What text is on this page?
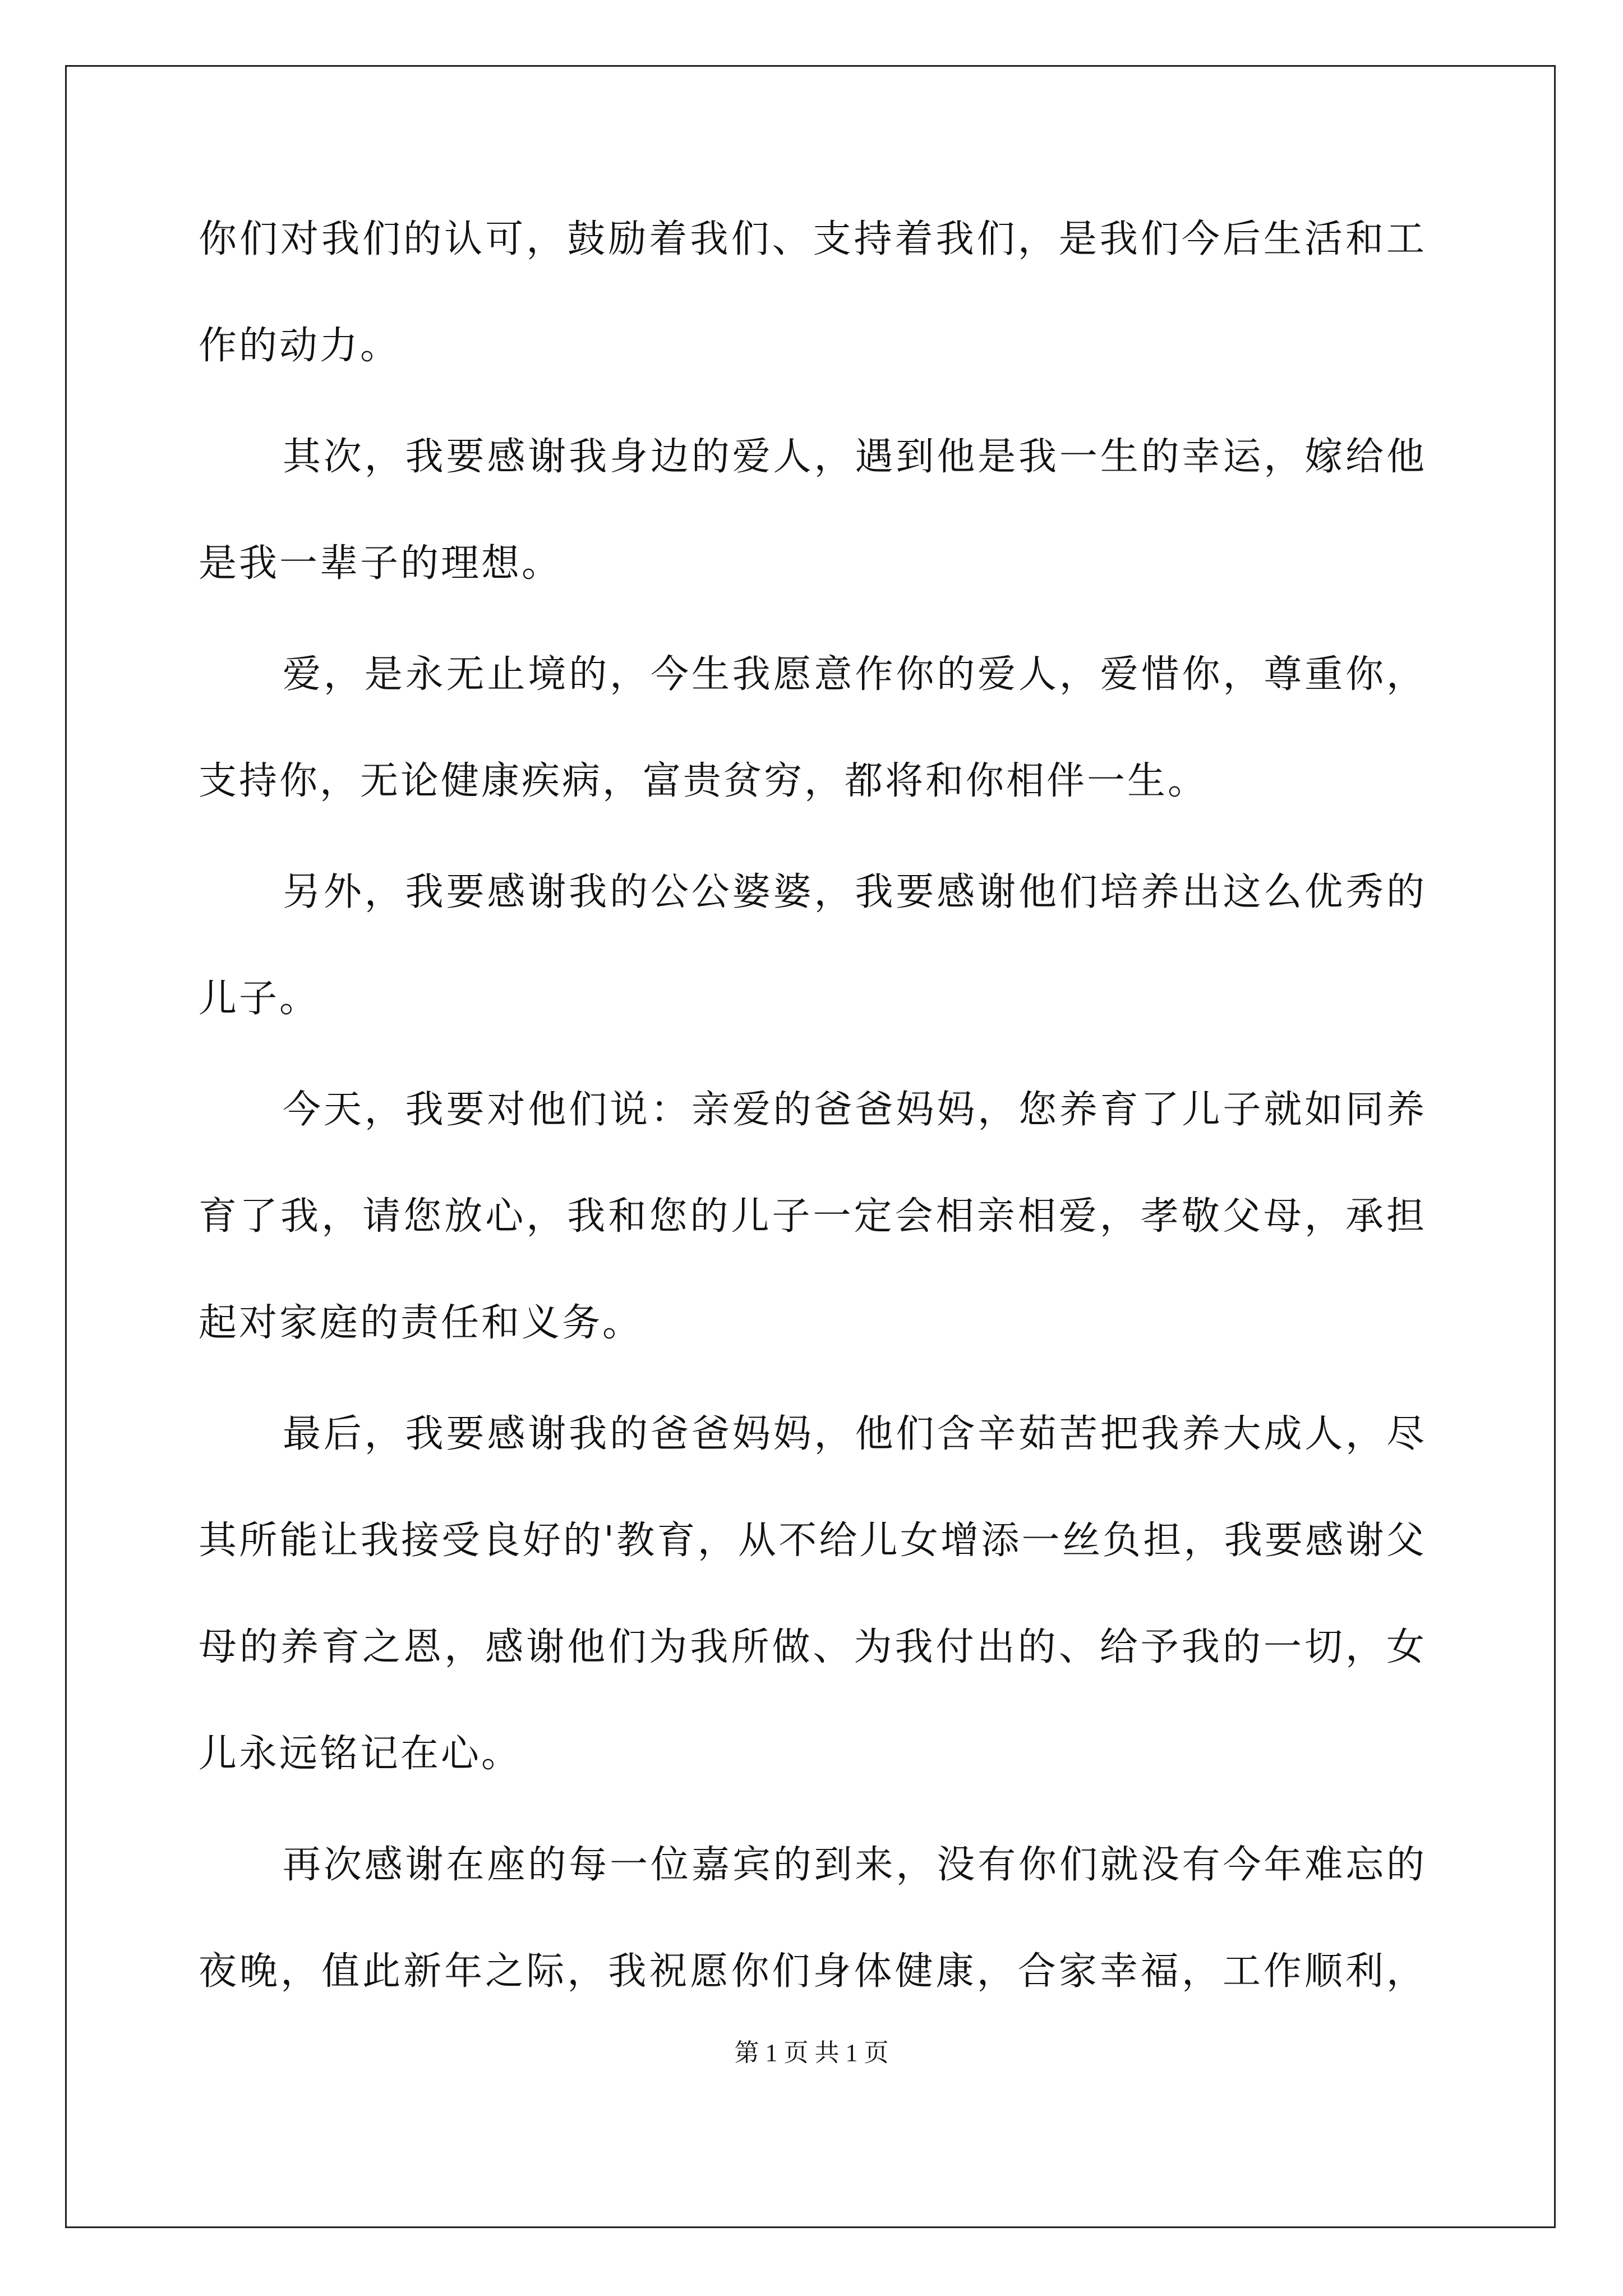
你们对我们的认可，鼓励着我们、支持着我们，是我们今后生活和工
作的动力。
其次，我要感谢我身边的爱人，遇到他是我一生的幸运，嫁给他
是我一辈子的理想。
爱，是永无止境的，今生我愿意作你的爱人，爱惜你，尊重你，
支持你，无论健康疾病，富贵贫穷，都将和你相伴一生。
另外，我要感谢我的公公婆婆，我要感谢他们培养出这么优秀的
儿子。
今天，我要对他们说：亲爱的爸爸妈妈，您养育了儿子就如同养
育了我，请您放心，我和您的儿子一定会相亲相爱，孝敬父母，承担
起对家庭的责任和义务。
最后，我要感谢我的爸爸妈妈，他们含辛茹苦把我养大成人，尽
其所能让我接受良好的'教育，从不给儿女增添一丝负担，我要感谢父
母的养育之恩，感谢他们为我所做、为我付出的、给予我的一切，女
儿永远铭记在心。
再次感谢在座的每一位嘉宾的到来，没有你们就没有今年难忘的
夜晚，值此新年之际，我祝愿你们身体健康，合家幸福，工作顺利，
第 1 页 共 1 页
